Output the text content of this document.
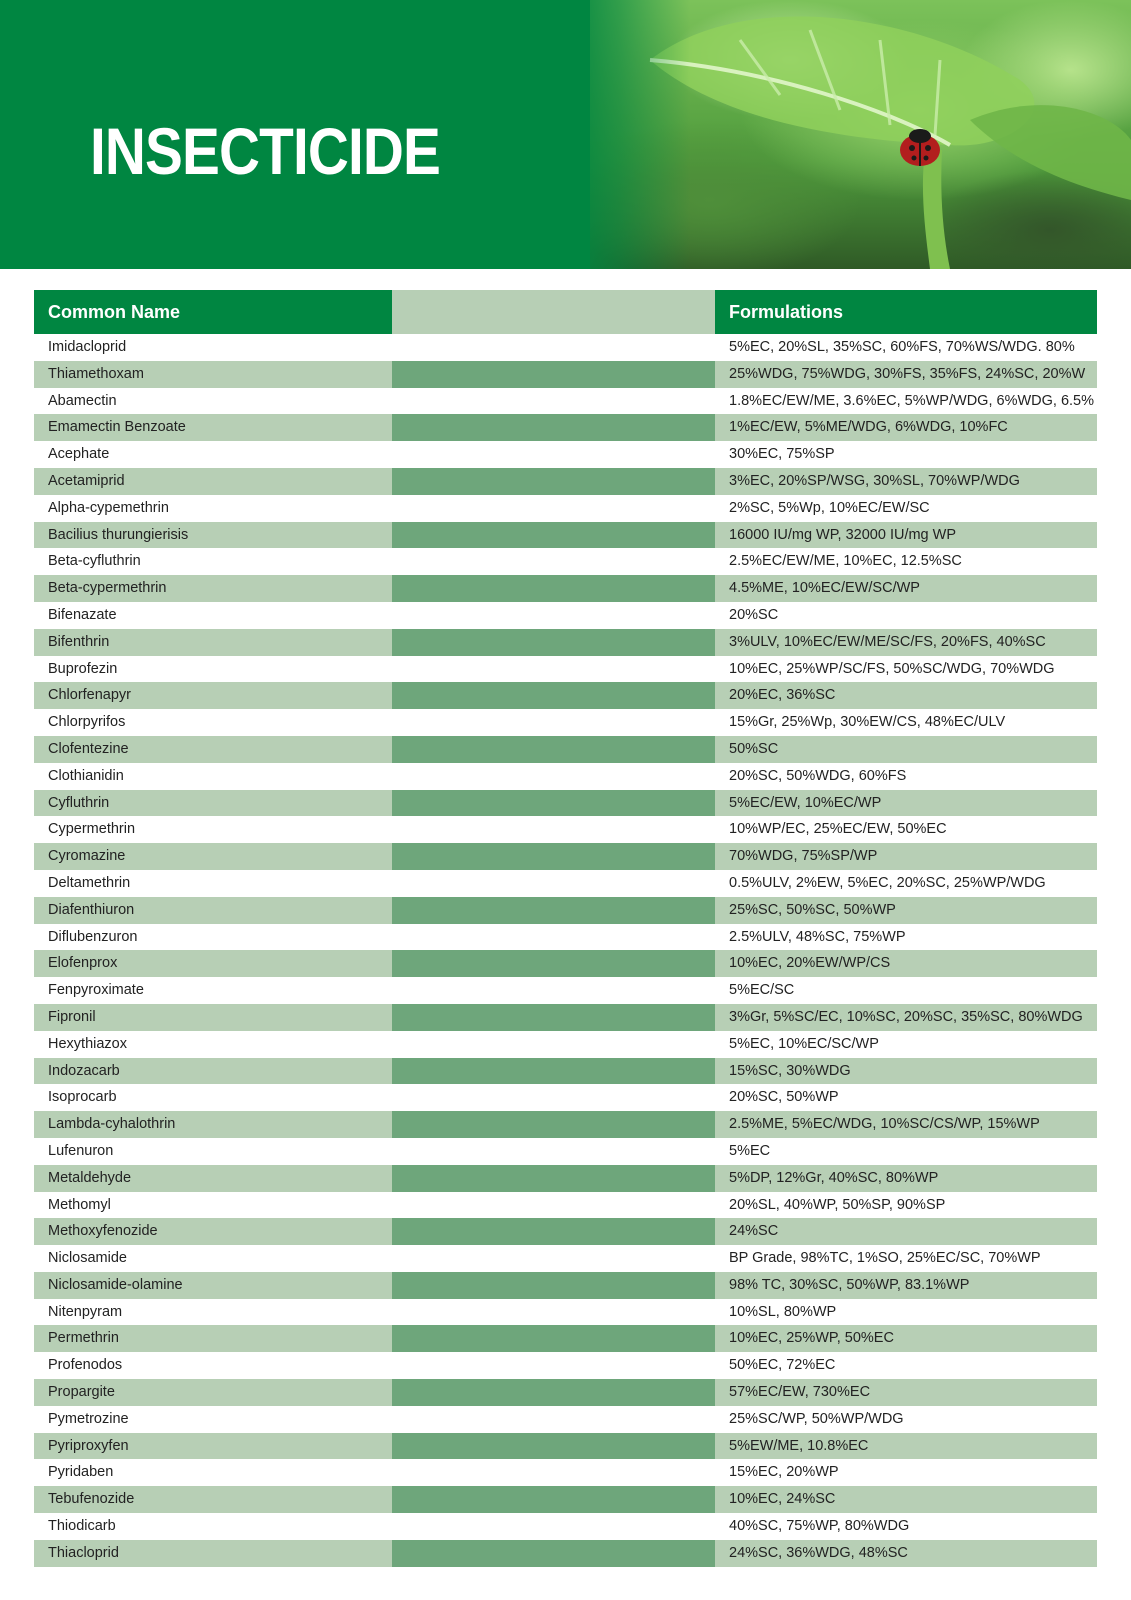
INSECTICIDE
Common Name	Formulations
Imidacloprid	5%EC, 20%SL, 35%SC, 60%FS, 70%WS/WDG. 80%
Thiamethoxam	25%WDG, 75%WDG, 30%FS, 35%FS, 24%SC, 20%W
Abamectin	1.8%EC/EW/ME, 3.6%EC, 5%WP/WDG, 6%WDG, 6.5%
Emamectin Benzoate	1%EC/EW, 5%ME/WDG, 6%WDG, 10%FC
Acephate	30%EC, 75%SP
Acetamiprid	3%EC, 20%SP/WSG, 30%SL, 70%WP/WDG
Alpha-cypemethrin	2%SC, 5%Wp, 10%EC/EW/SC
Bacilius thurungierisis	16000 IU/mg WP, 32000 IU/mg WP
Beta-cyfluthrin	2.5%EC/EW/ME, 10%EC, 12.5%SC
Beta-cypermethrin	4.5%ME, 10%EC/EW/SC/WP
Bifenazate	20%SC
Bifenthrin	3%ULV, 10%EC/EW/ME/SC/FS, 20%FS, 40%SC
Buprofezin	10%EC, 25%WP/SC/FS, 50%SC/WDG, 70%WDG
Chlorfenapyr	20%EC, 36%SC
Chlorpyrifos	15%Gr, 25%Wp, 30%EW/CS, 48%EC/ULV
Clofentezine	50%SC
Clothianidin	20%SC, 50%WDG, 60%FS
Cyfluthrin	5%EC/EW, 10%EC/WP
Cypermethrin	10%WP/EC, 25%EC/EW, 50%EC
Cyromazine	70%WDG, 75%SP/WP
Deltamethrin	0.5%ULV, 2%EW, 5%EC, 20%SC, 25%WP/WDG
Diafenthiuron	25%SC, 50%SC, 50%WP
Diflubenzuron	2.5%ULV, 48%SC, 75%WP
Elofenprox	10%EC, 20%EW/WP/CS
Fenpyroximate	5%EC/SC
Fipronil	3%Gr, 5%SC/EC, 10%SC, 20%SC, 35%SC, 80%WDG
Hexythiazox	5%EC, 10%EC/SC/WP
Indozacarb	15%SC, 30%WDG
Isoprocarb	20%SC, 50%WP
Lambda-cyhalothrin	2.5%ME, 5%EC/WDG, 10%SC/CS/WP, 15%WP
Lufenuron	5%EC
Metaldehyde	5%DP, 12%Gr, 40%SC, 80%WP
Methomyl	20%SL, 40%WP, 50%SP, 90%SP
Methoxyfenozide	24%SC
Niclosamide	BP Grade, 98%TC, 1%SO, 25%EC/SC, 70%WP
Niclosamide-olamine	98% TC, 30%SC, 50%WP, 83.1%WP
Nitenpyram	10%SL, 80%WP
Permethrin	10%EC, 25%WP, 50%EC
Profenodos	50%EC, 72%EC
Propargite	57%EC/EW, 730%EC
Pymetrozine	25%SC/WP, 50%WP/WDG
Pyriproxyfen	5%EW/ME, 10.8%EC
Pyridaben	15%EC, 20%WP
Tebufenozide	10%EC, 24%SC
Thiodicarb	40%SC, 75%WP, 80%WDG
Thiacloprid	24%SC, 36%WDG, 48%SC
